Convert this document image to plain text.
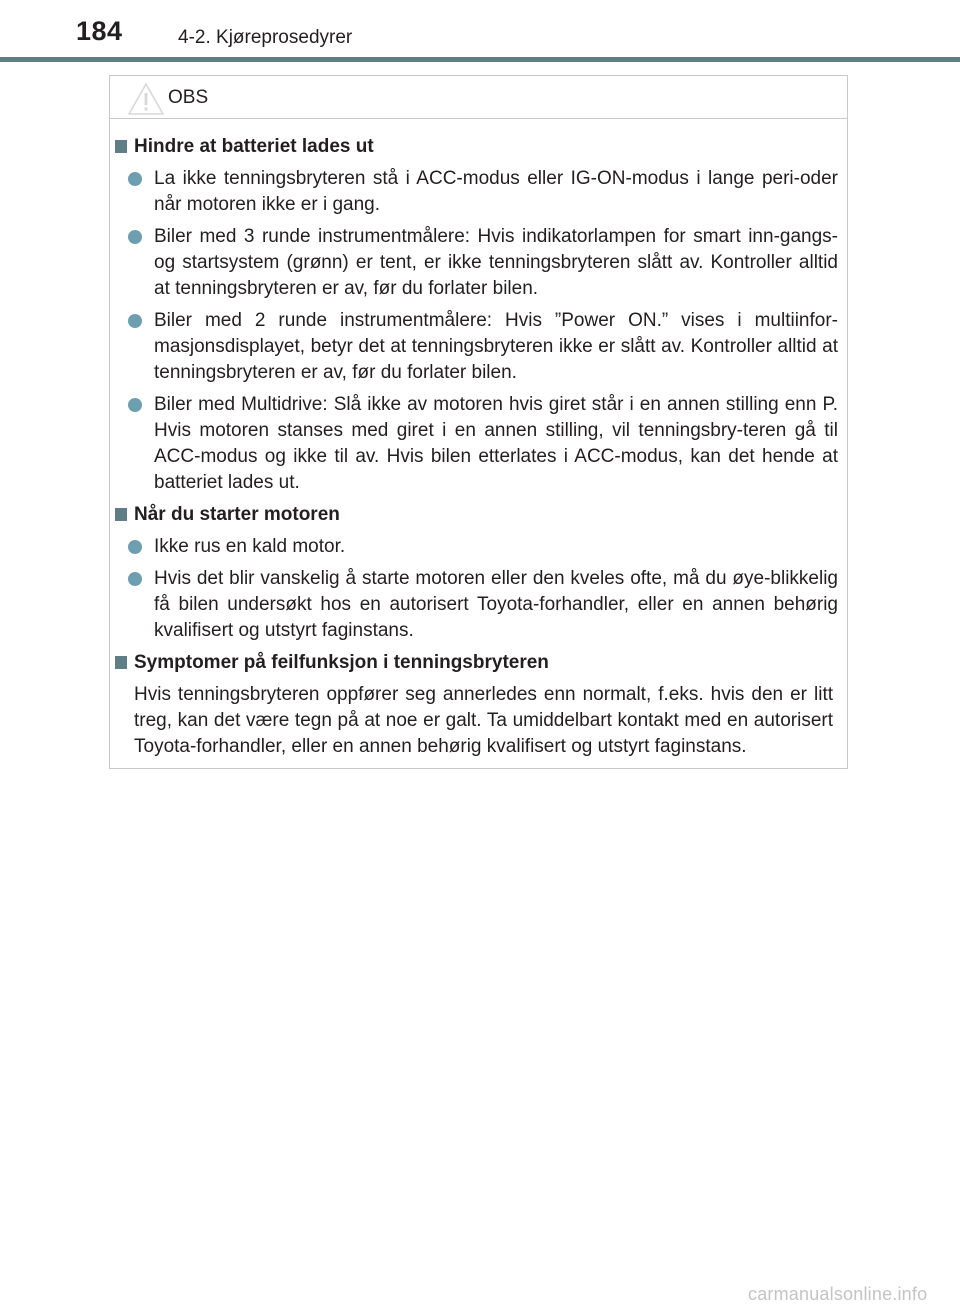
184	4-2. Kjøreprosedyrer
OBS
Hindre at batteriet lades ut
La ikke tenningsbryteren stå i ACC-modus eller IG-ON-modus i lange peri-oder når motoren ikke er i gang.
Biler med 3 runde instrumentmålere: Hvis indikatorlampen for smart inn-gangs- og startsystem (grønn) er tent, er ikke tenningsbryteren slått av. Kontroller alltid at tenningsbryteren er av, før du forlater bilen.
Biler med 2 runde instrumentmålere: Hvis ”Power ON.” vises i multiinfor-masjonsdisplayet, betyr det at tenningsbryteren ikke er slått av. Kontroller alltid at tenningsbryteren er av, før du forlater bilen.
Biler med Multidrive: Slå ikke av motoren hvis giret står i en annen stilling enn P. Hvis motoren stanses med giret i en annen stilling, vil tenningsbry-teren gå til ACC-modus og ikke til av. Hvis bilen etterlates i ACC-modus, kan det hende at batteriet lades ut.
Når du starter motoren
Ikke rus en kald motor.
Hvis det blir vanskelig å starte motoren eller den kveles ofte, må du øye-blikkelig få bilen undersøkt hos en autorisert Toyota-forhandler, eller en annen behørig kvalifisert og utstyrt faginstans.
Symptomer på feilfunksjon i tenningsbryteren
Hvis tenningsbryteren oppfører seg annerledes enn normalt, f.eks. hvis den er litt treg, kan det være tegn på at noe er galt. Ta umiddelbart kontakt med en autorisert Toyota-forhandler, eller en annen behørig kvalifisert og utstyrt faginstans.
carmanualsonline.info
